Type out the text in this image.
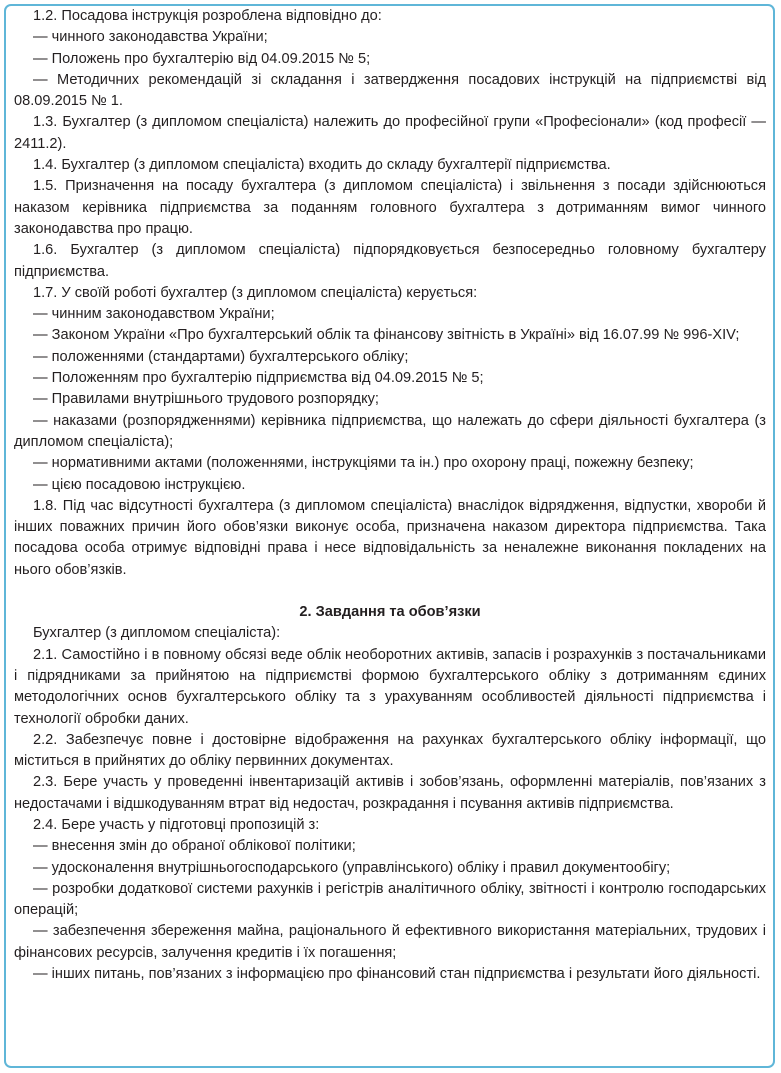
1.2. Посадова інструкція розроблена відповідно до:

— чинного законодавства України;

— Положень про бухгалтерію від 04.09.2015 № 5;

— Методичних рекомендацій зі складання і затвердження посадових інструкцій на підприємстві від 08.09.2015 № 1.

1.3. Бухгалтер (з дипломом спеціаліста) належить до професійної групи «Професіонали» (код професії — 2411.2).

1.4. Бухгалтер (з дипломом спеціаліста) входить до складу бухгалтерії підприємства.

1.5. Призначення на посаду бухгалтера (з дипломом спеціаліста) і звільнення з посади здійснюються наказом керівника підприємства за поданням головного бухгалтера з дотриманням вимог чинного законодавства про працю.

1.6. Бухгалтер (з дипломом спеціаліста) підпорядковується безпосередньо головному бухгалтеру підприємства.

1.7. У своїй роботі бухгалтер (з дипломом спеціаліста) керується:

— чинним законодавством України;

— Законом України «Про бухгалтерський облік та фінансову звітність в Україні» від 16.07.99 № 996-XIV;

— положеннями (стандартами) бухгалтерського обліку;

— Положенням про бухгалтерію підприємства від 04.09.2015 № 5;

— Правилами внутрішнього трудового розпорядку;

— наказами (розпорядженнями) керівника підприємства, що належать до сфери діяльності бухгалтера (з дипломом спеціаліста);

— нормативними актами (положеннями, інструкціями та ін.) про охорону праці, пожежну безпеку;

— цією посадовою інструкцією.

1.8. Під час відсутності бухгалтера (з дипломом спеціаліста) внаслідок відрядження, відпустки, хвороби й інших поважних причин його обов’язки виконує особа, призначена наказом директора підприємства. Така посадова особа отримує відповідні права і несе відповідальність за неналежне виконання покладених на нього обов’язків.

2. Завдання та обов’язки

Бухгалтер (з дипломом спеціаліста):

2.1. Самостійно і в повному обсязі веде облік необоротних активів, запасів і розрахунків з постачальниками і підрядниками за прийнятою на підприємстві формою бухгалтерського обліку з дотриманням єдиних методологічних основ бухгалтерського обліку та з урахуванням особливостей діяльності підприємства і технології обробки даних.

2.2. Забезпечує повне і достовірне відображення на рахунках бухгалтерського обліку інформації, що міститься в прийнятих до обліку первинних документах.

2.3. Бере участь у проведенні інвентаризацій активів і зобов’язань, оформленні матеріалів, пов’язаних з недостачами і відшкодуванням втрат від недостач, розкрадання і псування активів підприємства.

2.4. Бере участь у підготовці пропозицій з:

— внесення змін до обраної облікової політики;

— удосконалення внутрішньогосподарського (управлінського) обліку і правил документообігу;

— розробки додаткової системи рахунків і регістрів аналітичного обліку, звітності і контролю господарських операцій;

— забезпечення збереження майна, раціонального й ефективного використання матеріальних, трудових і фінансових ресурсів, залучення кредитів і їх погашення;

— інших питань, пов’язаних з інформацією про фінансовий стан підприємства і результати його діяльності.
